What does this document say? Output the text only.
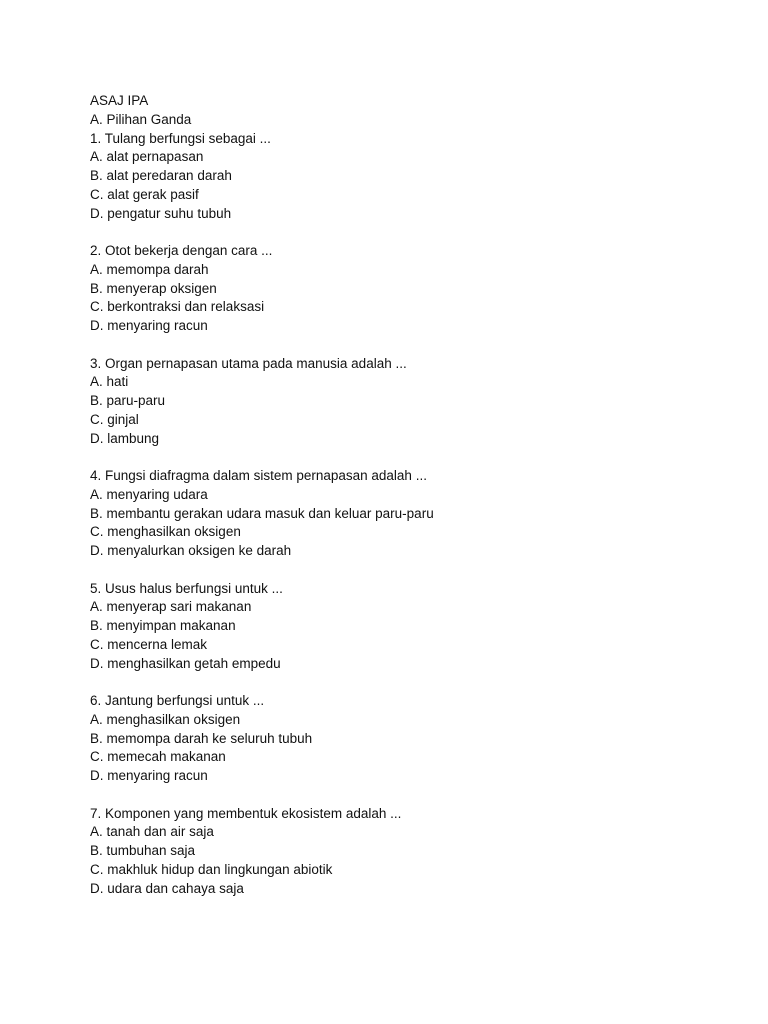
ASAJ IPA
A. Pilihan Ganda
1. Tulang berfungsi sebagai ...
A. alat pernapasan
B. alat peredaran darah
C. alat gerak pasif
D. pengatur suhu tubuh
2. Otot bekerja dengan cara ...
A. memompa darah
B. menyerap oksigen
C. berkontraksi dan relaksasi
D. menyaring racun
3. Organ pernapasan utama pada manusia adalah ...
A. hati
B. paru-paru
C. ginjal
D. lambung
4. Fungsi diafragma dalam sistem pernapasan adalah ...
A. menyaring udara
B. membantu gerakan udara masuk dan keluar paru-paru
C. menghasilkan oksigen
D. menyalurkan oksigen ke darah
5. Usus halus berfungsi untuk ...
A. menyerap sari makanan
B. menyimpan makanan
C. mencerna lemak
D. menghasilkan getah empedu
6. Jantung berfungsi untuk ...
A. menghasilkan oksigen
B. memompa darah ke seluruh tubuh
C. memecah makanan
D. menyaring racun
7. Komponen yang membentuk ekosistem adalah ...
A. tanah dan air saja
B. tumbuhan saja
C. makhluk hidup dan lingkungan abiotik
D. udara dan cahaya saja
